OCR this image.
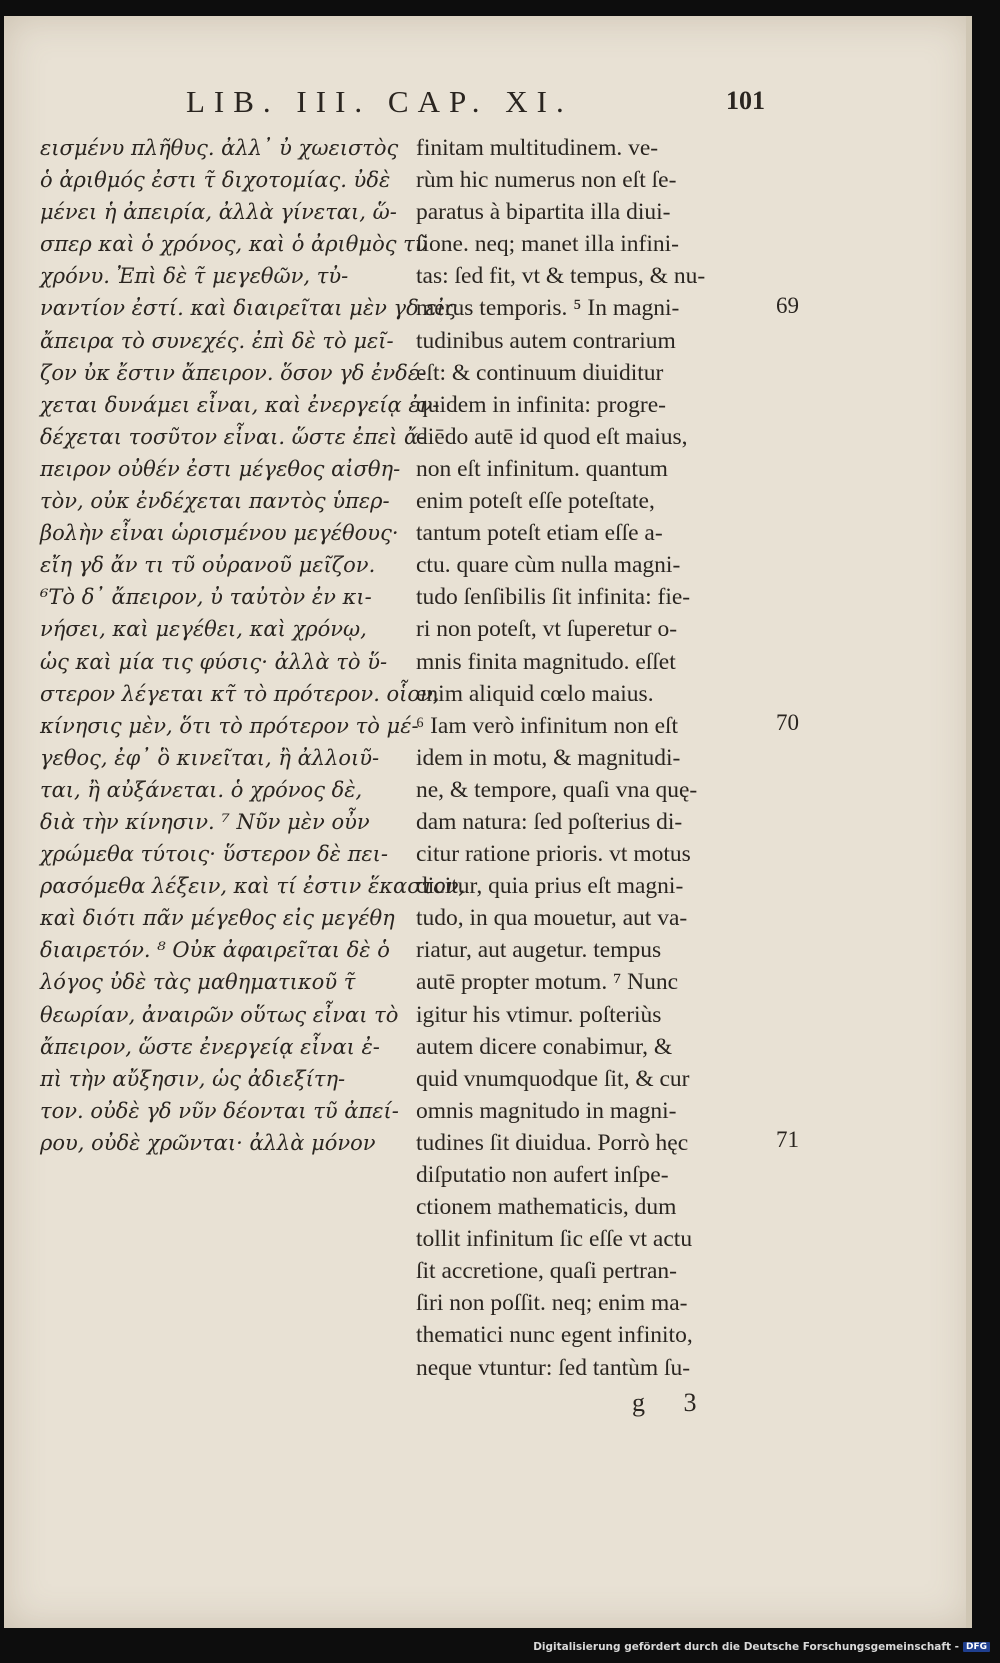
LIB. III. CAP. XI.	101
εισμένυ πλῆθυς. ἀλλ᾽ ὐ χωειστὸς
ὁ ἀριθμός ἐστι τ̃ διχοτομίας. ὐδὲ
μένει ἡ ἀπειρία, ἀλλὰ γίνεται, ὥ-
σπερ καὶ ὁ χρόνος, καὶ ὁ ἀριθμὸς τῦ
χρόνυ. Ἐπὶ δὲ τ̃ μεγεθῶν, τὐ-
ναντίον ἐστί. καὶ διαιρεῖται μὲν γδ εἰς
ἄπειρα τὸ συνεχές. ἐπὶ δὲ τὸ μεῖ-
ζον ὐκ ἔστιν ἄπειρον. ὅσον γδ ἐνδέ-
χεται δυνάμει εἶναι, καὶ ἐνεργείᾳ ἐν-
δέχεται τοσῦτον εἶναι. ὥστε ἐπεὶ ἄ-
πειρον οὐθέν ἐστι μέγεθος αἰσθη-
τὸν, οὐκ ἐνδέχεται παντὸς ὑπερ-
βολὴν εἶναι ὡρισμένου μεγέθους·
εἴη γδ ἄν τι τῦ οὐρανοῦ μεῖζον.
⁶Τὸ δ᾽ ἄπειρον, ὐ ταὐτὸν ἐν κι-
νήσει, καὶ μεγέθει, καὶ χρόνῳ,
ὡς καὶ μία τις φύσις· ἀλλὰ τὸ ὕ-
στερον λέγεται κτ̃ τὸ πρότερον. οἷον,
κίνησις μὲν, ὅτι τὸ πρότερον τὸ μέ-
γεθος, ἐφ᾽ ὃ κινεῖται, ἢ ἀλλοιῦ-
ται, ἢ αὐξάνεται. ὁ χρόνος δὲ,
διὰ τὴν κίνησιν. ⁷ Νῦν μὲν οὖν
χρώμεθα τύτοις· ὕστερον δὲ πει-
ρασόμεθα λέξειν, καὶ τί ἐστιν ἕκαστον,
καὶ διότι πᾶν μέγεθος εἰς μεγέθη
διαιρετόν. ⁸ Οὐκ ἀφαιρεῖται δὲ ὁ
λόγος ὐδὲ τὰς μαθηματικοῦ τ̃
θεωρίαν, ἀναιρῶν οὕτως εἶναι τὸ
ἄπειρον, ὥστε ἐνεργείᾳ εἶναι ἐ-
πὶ τὴν αὔξησιν, ὡς ἀδιεξίτη-
τον. οὐδὲ γδ νῦν δέονται τῦ ἀπεί-
ρου, οὐδὲ χρῶνται· ἀλλὰ μόνον
finitam multitudinem. ve-
rùm hic numerus non eſt ſe-
paratus à bipartita illa diui-
ſione. neq; manet illa infini-
tas: ſed fit, vt & tempus, & nu-
merus temporis. ⁵ In magni-
tudinibus autem contrarium
eſt: & continuum diuiditur
quidem in infinita: progre-
diēdo autē id quod eſt maius,
non eſt infinitum. quantum
enim poteſt eſſe poteſtate,
tantum poteſt etiam eſſe a-
ctu. quare cùm nulla magni-
tudo ſenſibilis ſit infinita: fie-
ri non poteſt, vt ſuperetur o-
mnis finita magnitudo. eſſet
enim aliquid cœlo maius.
⁶ Iam verò infinitum non eſt
idem in motu, & magnitudi-
ne, & tempore, quaſi vna quę-
dam natura: ſed poſterius di-
citur ratione prioris. vt motus
dicitur, quia prius eſt magni-
tudo, in qua mouetur, aut va-
riatur, aut augetur. tempus
autē propter motum. ⁷ Nunc
igitur his vtimur. poſteriùs
autem dicere conabimur, &
quid vnumquodque ſit, & cur
omnis magnitudo in magni-
tudines ſit diuidua. Porrò hęc
diſputatio non aufert inſpe-
ctionem mathematicis, dum
tollit infinitum ſic eſſe vt actu
ſit accretione, quaſi pertran-
ſiri non poſſit. neq; enim ma-
thematici nunc egent infinito,
neque vtuntur: ſed tantùm ſu-
69
70
71
g 3
Digitalisierung gefördert durch die Deutsche Forschungsgemeinschaft - DFG
